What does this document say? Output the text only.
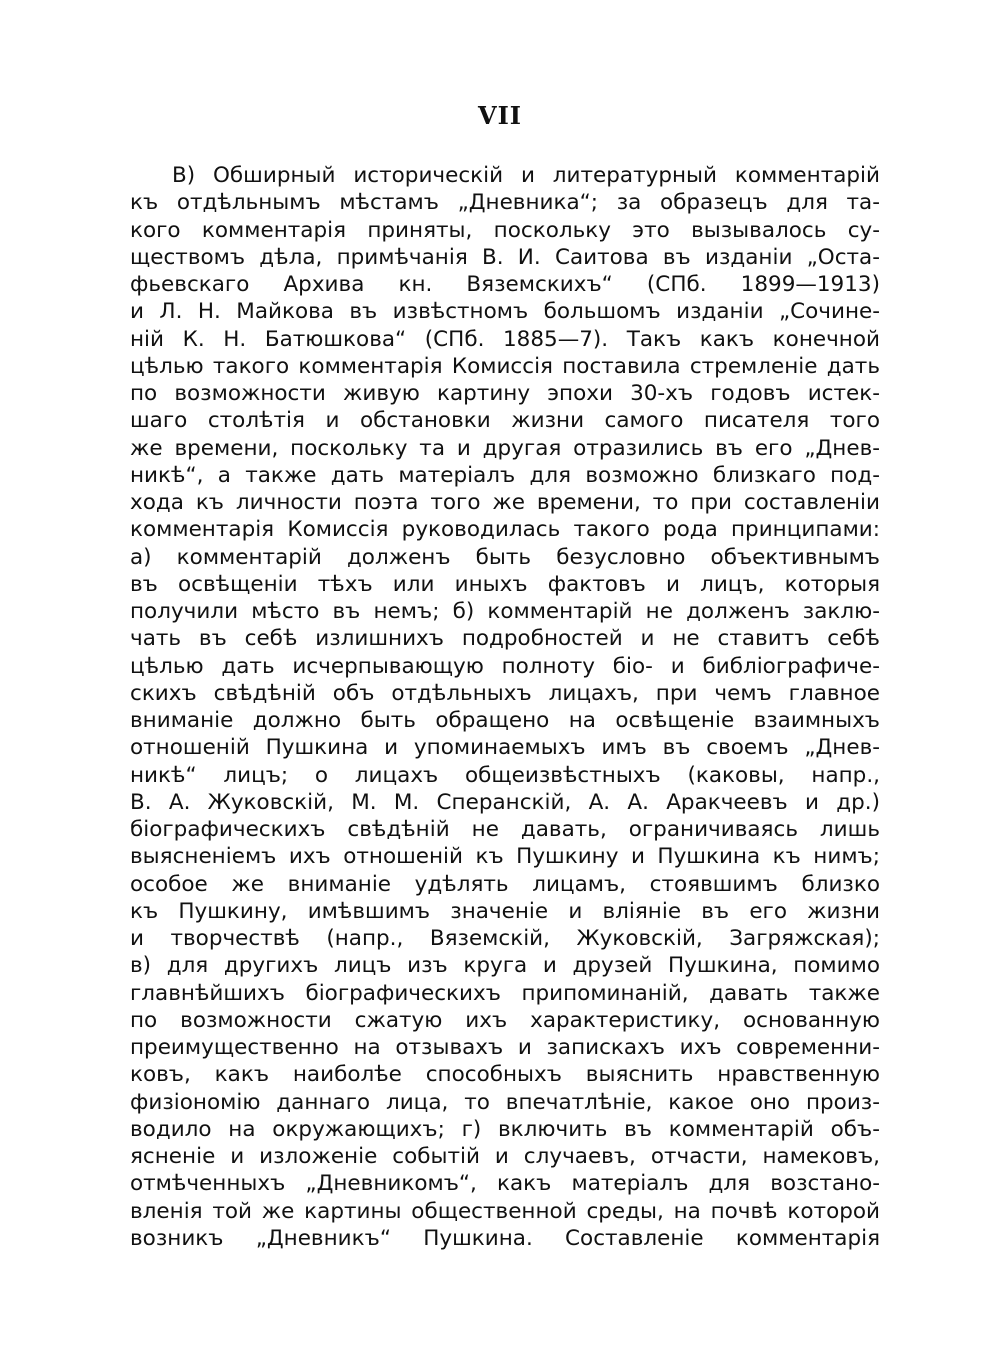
VII
В) Обширный историческій и литературный комментарій
къ отдѣльнымъ мѣстамъ „Дневника“; за образецъ для та-
кого комментарія приняты, поскольку это вызывалось су-
ществомъ дѣла, примѣчанія В. И. Саитова въ изданіи „Оста-
фьевскаго Архива кн. Вяземскихъ“ (СПб. 1899—1913)
и Л. Н. Майкова въ извѣстномъ большомъ изданіи „Сочине-
ній К. Н. Батюшкова“ (СПб. 1885—7). Такъ какъ конечной
цѣлью такого комментарія Комиссія поставила стремленіе дать
по возможности живую картину эпохи 30-хъ годовъ истек-
шаго столѣтія и обстановки жизни самого писателя того
же времени, поскольку та и другая отразились въ его „Днев-
никѣ“, а также дать матеріалъ для возможно близкаго под-
хода къ личности поэта того же времени, то при составленіи
комментарія Комиссія руководилась такого рода принципами:
а) комментарій долженъ быть безусловно объективнымъ
въ освѣщеніи тѣхъ или иныхъ фактовъ и лицъ, которыя
получили мѣсто въ немъ; б) комментарій не долженъ заклю-
чать въ себѣ излишнихъ подробностей и не ставитъ себѣ
цѣлью дать исчерпывающую полноту біо- и библіографиче-
скихъ свѣдѣній объ отдѣльныхъ лицахъ, при чемъ главное
вниманіе должно быть обращено на освѣщеніе взаимныхъ
отношеній Пушкина и упоминаемыхъ имъ въ своемъ „Днев-
никѣ“ лицъ; о лицахъ общеизвѣстныхъ (каковы, напр.,
В. А. Жуковскій, М. М. Сперанскій, А. А. Аракчеевъ и др.)
біографическихъ свѣдѣній не давать, ограничиваясь лишь
выясненіемъ ихъ отношеній къ Пушкину и Пушкина къ нимъ;
особое же вниманіе удѣлять лицамъ, стоявшимъ близко
къ Пушкину, имѣвшимъ значеніе и вліяніе въ его жизни
и творчествѣ (напр., Вяземскій, Жуковскій, Загряжская);
в) для другихъ лицъ изъ круга и друзей Пушкина, помимо
главнѣйшихъ біографическихъ припоминаній, давать также
по возможности сжатую ихъ характеристику, основанную
преимущественно на отзывахъ и запискахъ ихъ современни-
ковъ, какъ наиболѣе способныхъ выяснить нравственную
физіономію даннаго лица, то впечатлѣніе, какое оно произ-
водило на окружающихъ; г) включить въ комментарій объ-
ясненіе и изложеніе событій и случаевъ, отчасти, намековъ,
отмѣченныхъ „Дневникомъ“, какъ матеріалъ для возстано-
вленія той же картины общественной среды, на почвѣ которой
возникъ „Дневникъ“ Пушкина. Составленіе комментарія
